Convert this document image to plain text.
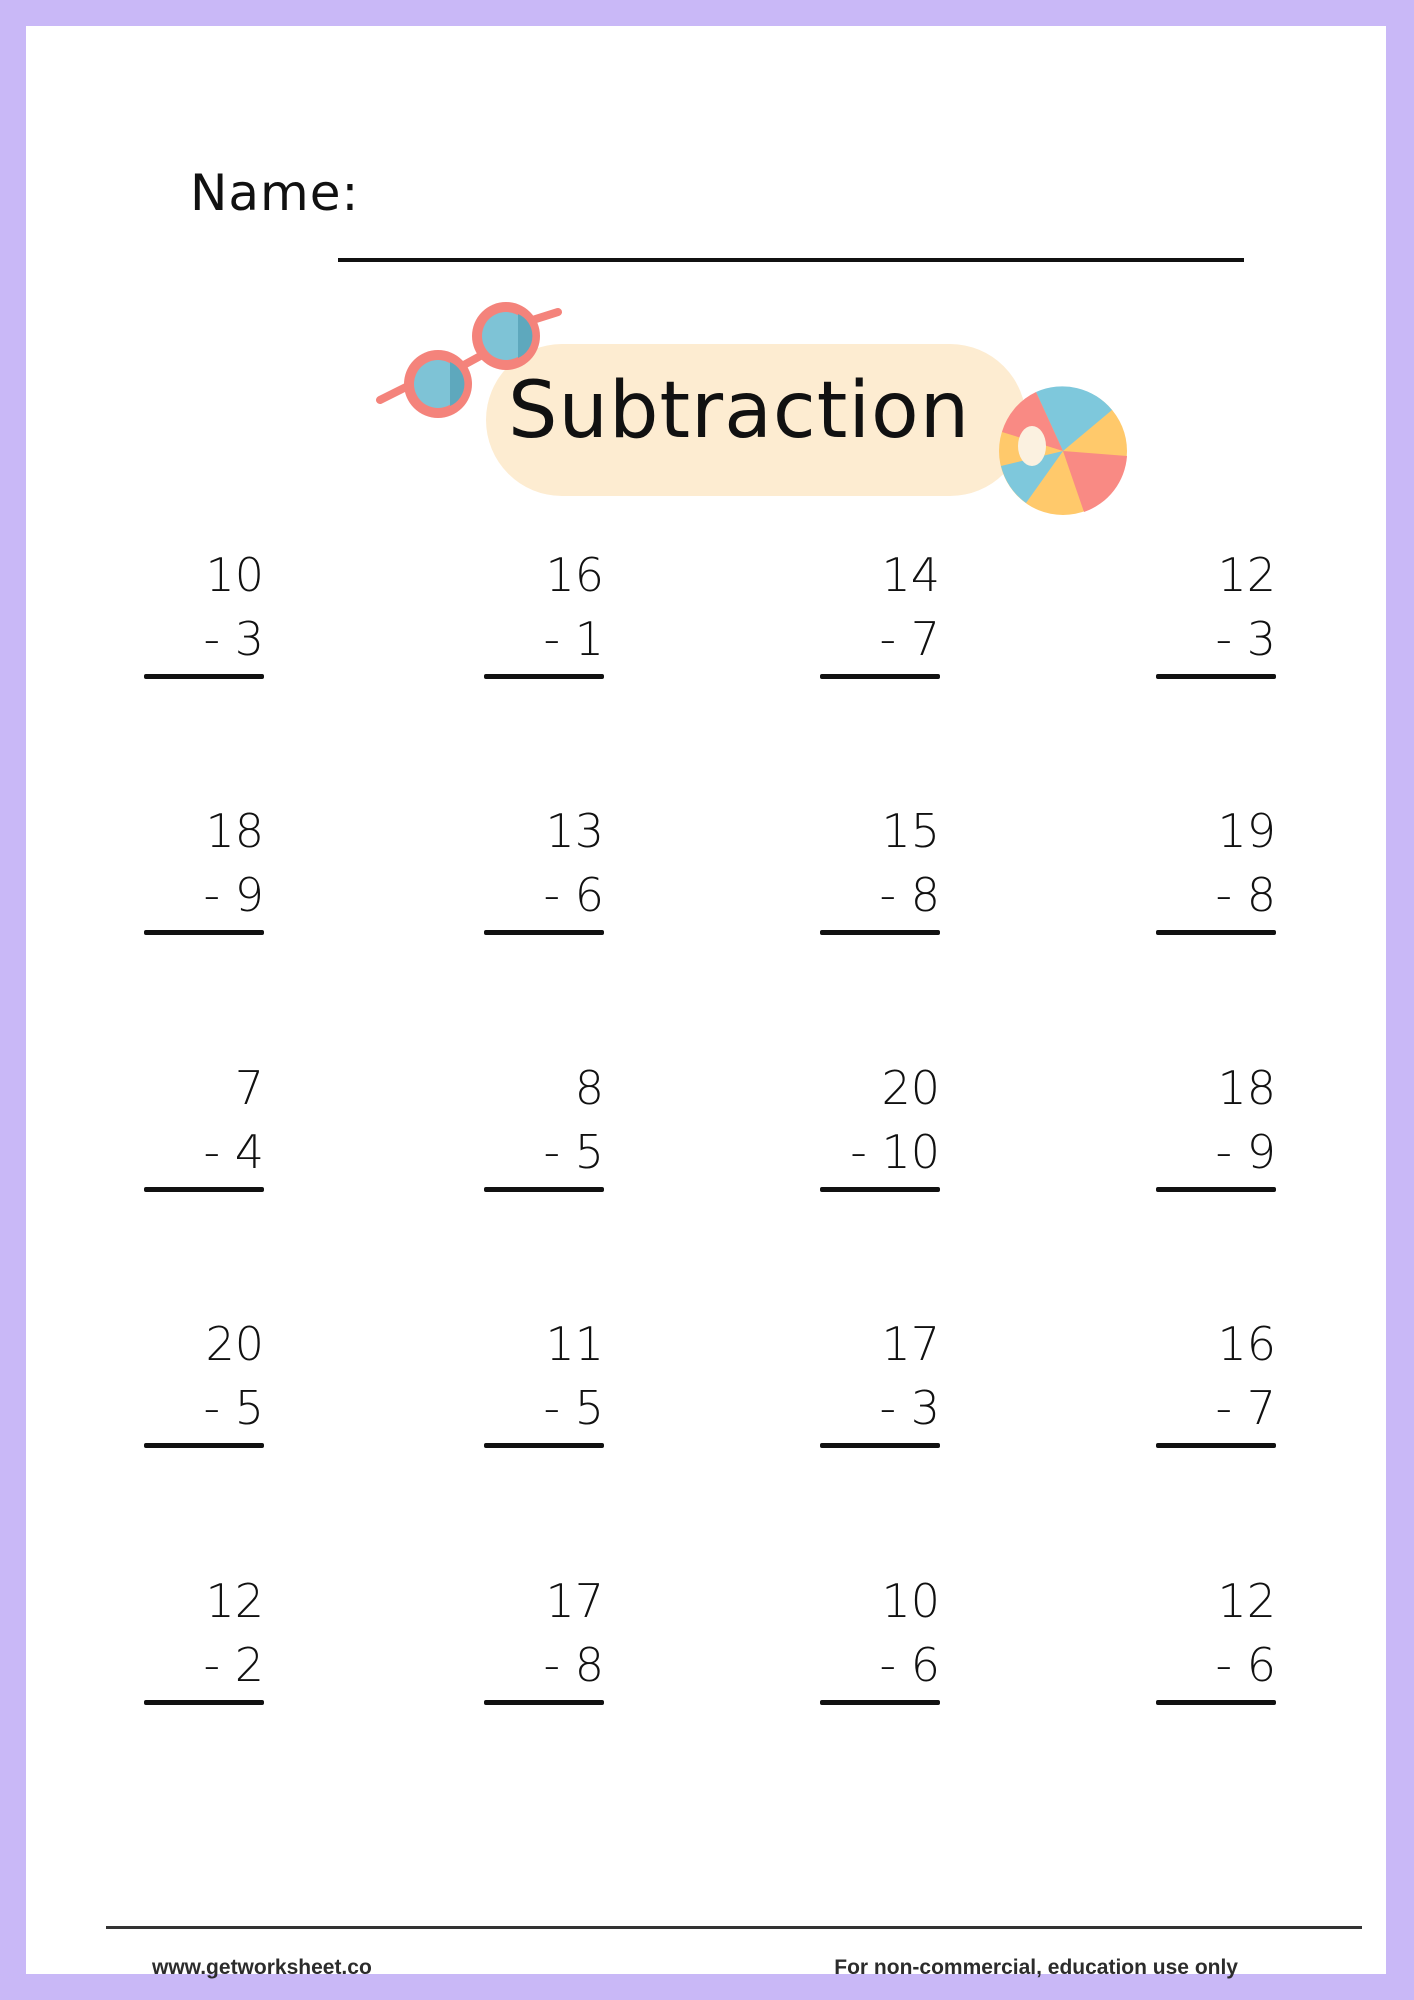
Name:
Subtraction
10
- 3
16
- 1
14
- 7
12
- 3
18
- 9
13
- 6
15
- 8
19
- 8
7
- 4
8
- 5
20
- 10
18
- 9
20
- 5
11
- 5
17
- 3
16
- 7
12
- 2
17
- 8
10
- 6
12
- 6
www.getworksheet.co	For non-commercial, education use only
